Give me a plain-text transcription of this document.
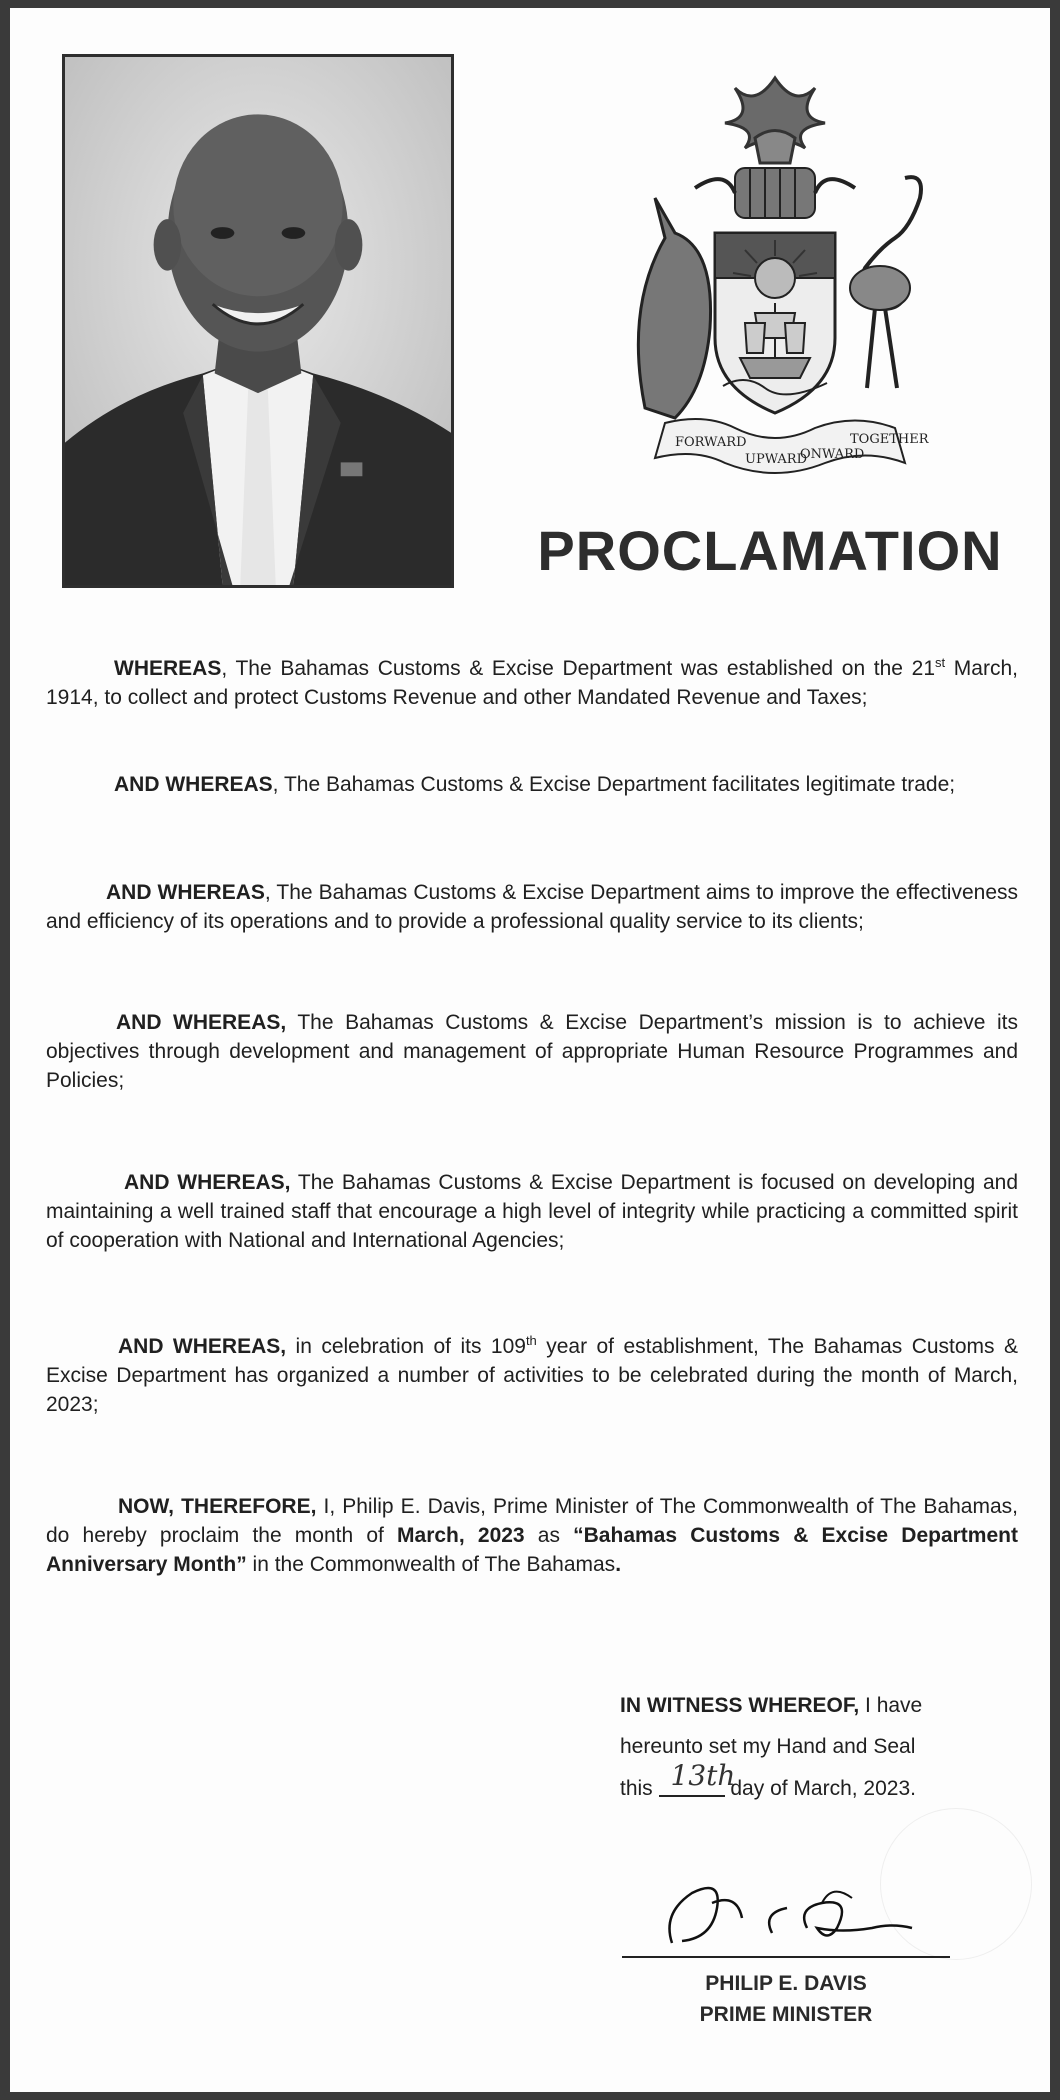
FORWARD
UPWARD
ONWARD
TOGETHER
PROCLAMATION

WHEREAS, The Bahamas Customs & Excise Department was established on the 21st March, 1914, to collect and protect Customs Revenue and other Mandated Revenue and Taxes;

AND WHEREAS, The Bahamas Customs & Excise Department facilitates legitimate trade;

AND WHEREAS, The Bahamas Customs & Excise Department aims to improve the effectiveness and efficiency of its operations and to provide a professional quality service to its clients;

AND WHEREAS, The Bahamas Customs & Excise Department’s mission is to achieve its objectives through development and management of appropriate Human Resource Programmes and Policies;

AND WHEREAS, The Bahamas Customs & Excise Department is focused on developing and maintaining a well trained staff that encourage a high level of integrity while practicing a committed spirit of cooperation with National and International Agencies;

AND WHEREAS, in celebration of its 109th year of establishment, The Bahamas Customs & Excise Department has organized a number of activities to be celebrated during the month of March, 2023;

NOW, THEREFORE, I, Philip E. Davis, Prime Minister of The Commonwealth of The Bahamas, do hereby proclaim the month of March, 2023 as “Bahamas Customs & Excise Department Anniversary Month” in the Commonwealth of The Bahamas.

IN WITNESS WHEREOF, I have
hereunto set my Hand and Seal
this 13th
day of March, 2023.
PHILIP E. DAVIS
PRIME MINISTER
